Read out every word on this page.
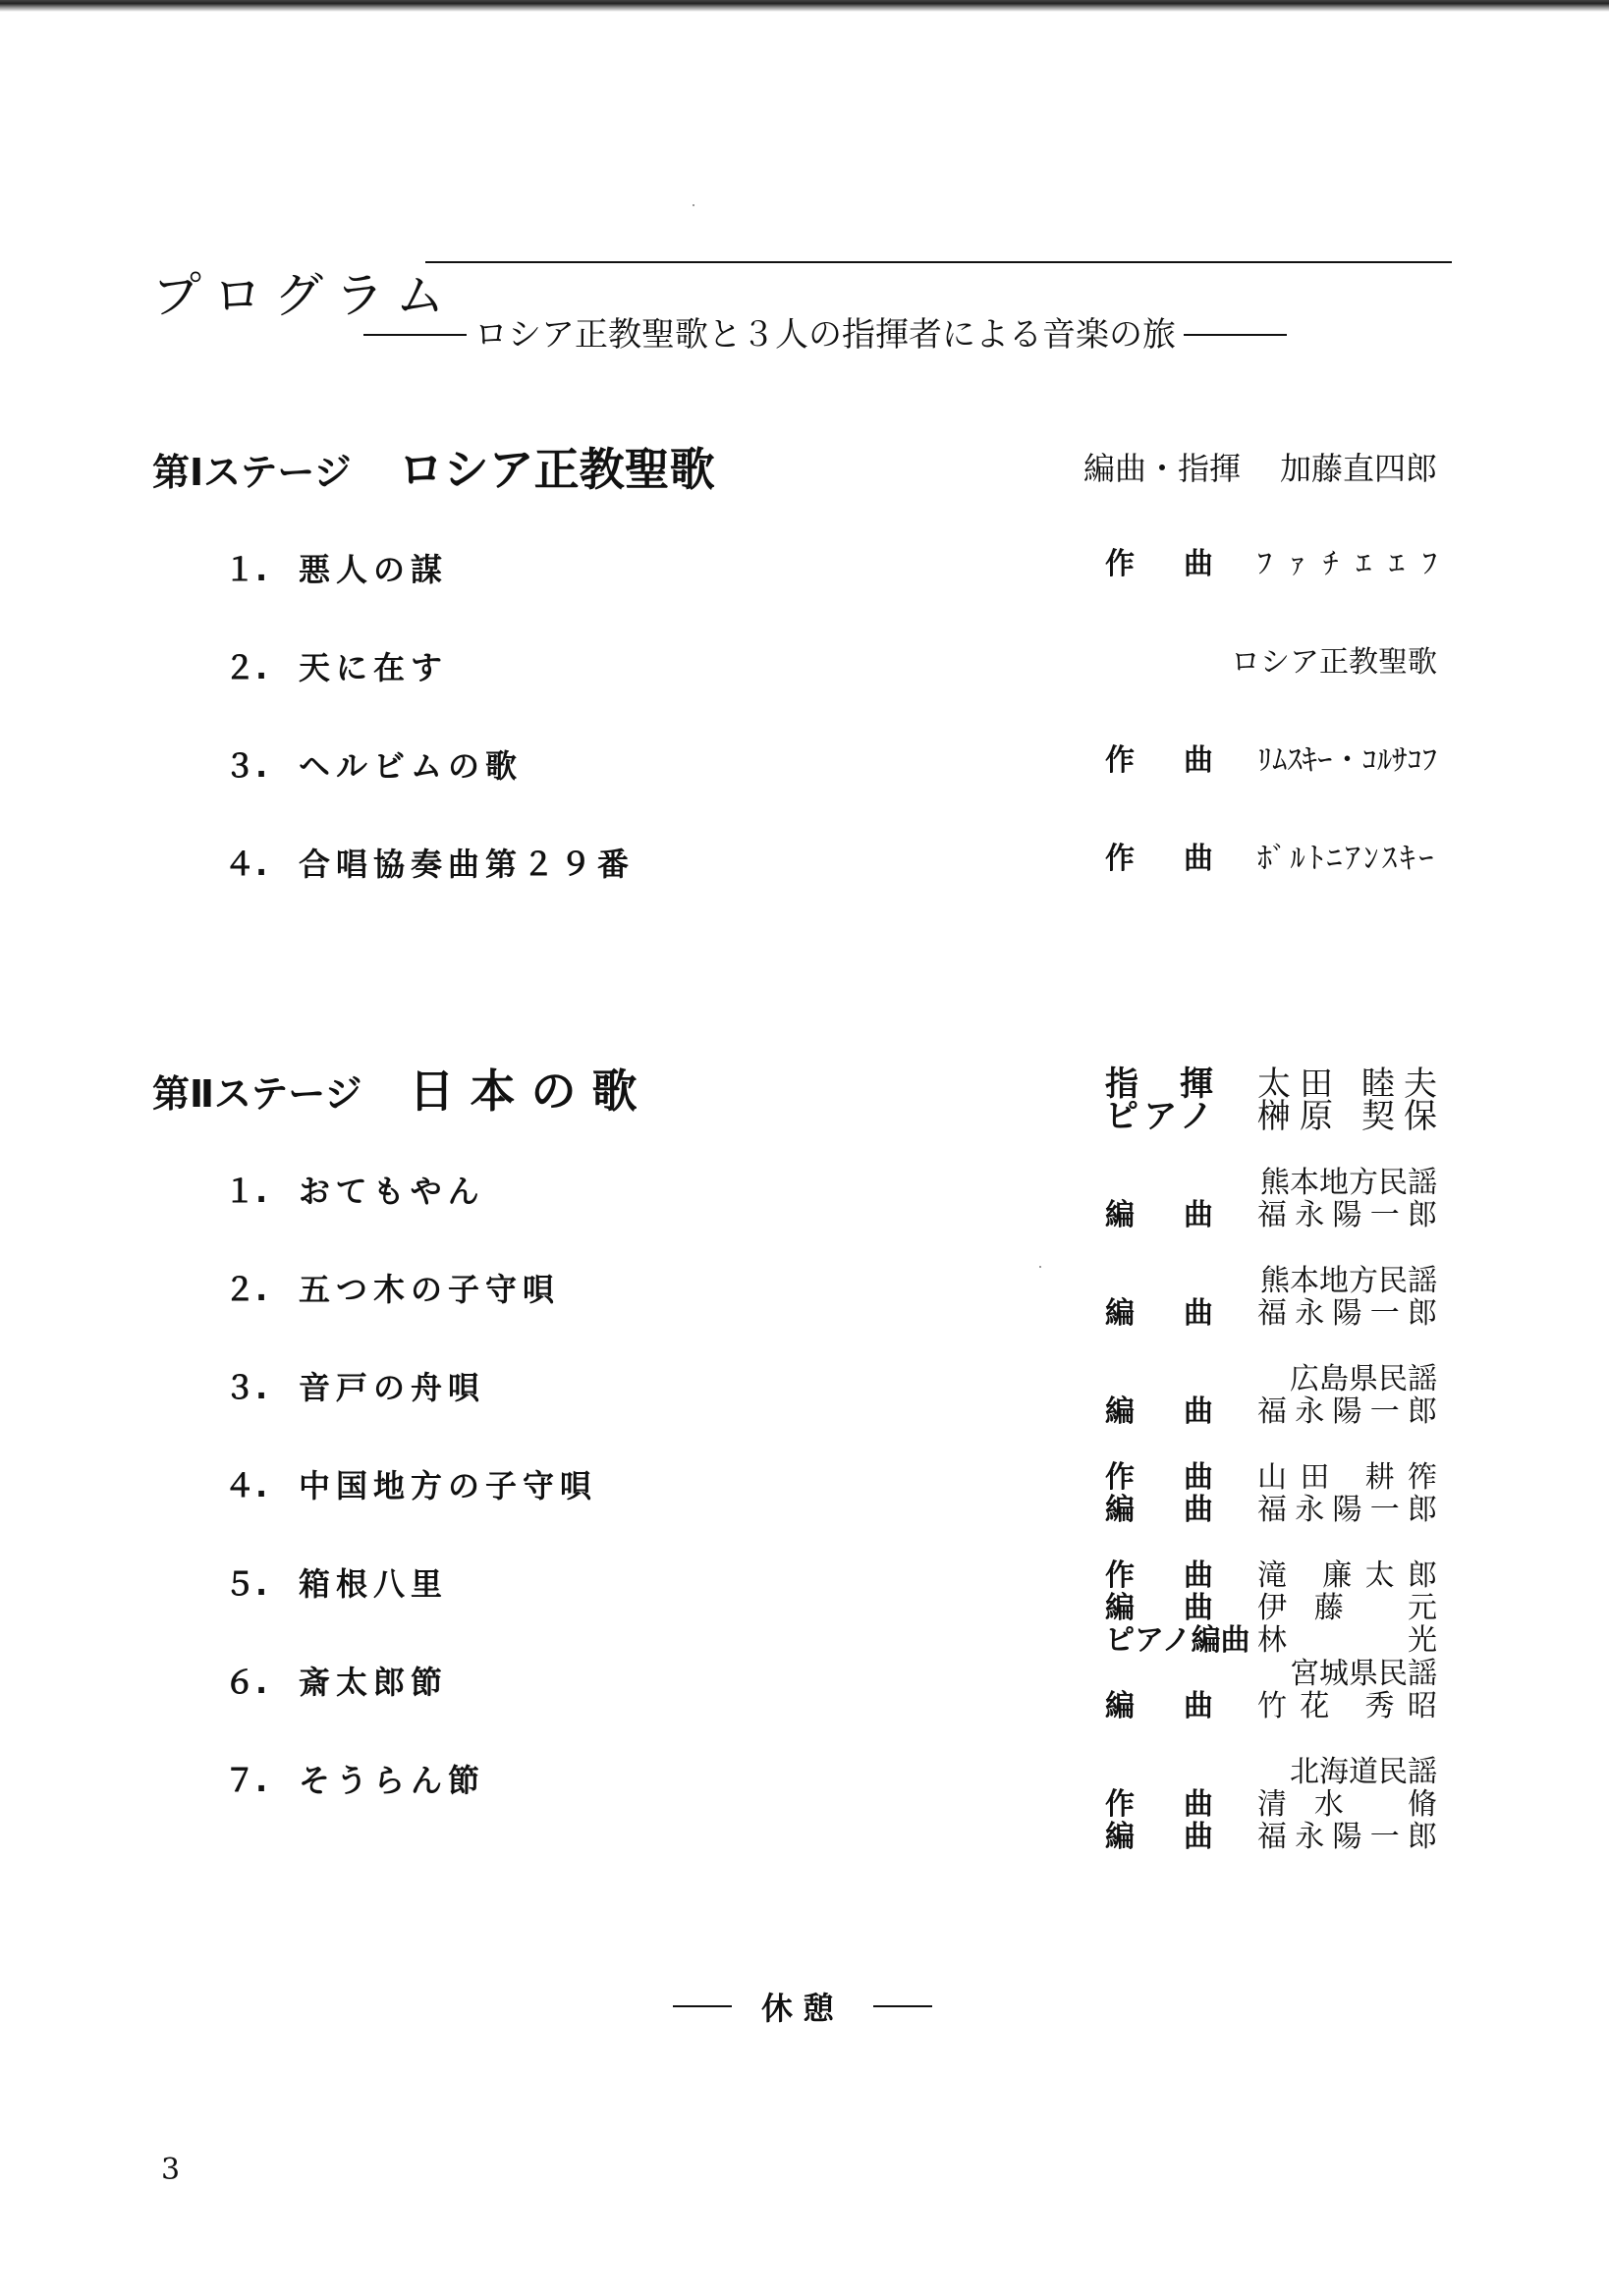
プログラム
ロシア正教聖歌と３人の指揮者による音楽の旅
第Ⅰステージ ロシア正教聖歌	編曲・指揮 加藤直四郎
１. 悪人の謀	作曲 ﾌｧﾁｴｴﾌ
２. 天に在す	ロシア正教聖歌
３. ヘルビムの歌	作曲 ﾘﾑｽｷｰ・ｺﾙｻｺﾌ
４. 合唱協奏曲第２９番	作曲 ﾎﾞﾙﾄﾆｱﾝｽｷｰ
第Ⅱステージ 日本の歌	指揮 太田 睦夫
ピアノ 榊原 契保
１. おてもやん	熊本地方民謡
編曲 福永陽一郎
２. 五つ木の子守唄	熊本地方民謡
編曲 福永陽一郎
３. 音戸の舟唄	広島県民謡
編曲 福永陽一郎
４. 中国地方の子守唄	作曲 山田 耕筰
編曲 福永陽一郎
５. 箱根八里	作曲 滝 廉太郎
編曲 伊藤 元
ピアノ編曲 林 光
６. 斎太郎節	宮城県民謡
編曲 竹花 秀昭
７. そうらん節	北海道民謡
作曲 清水 脩
編曲 福永陽一郎
休憩
3
